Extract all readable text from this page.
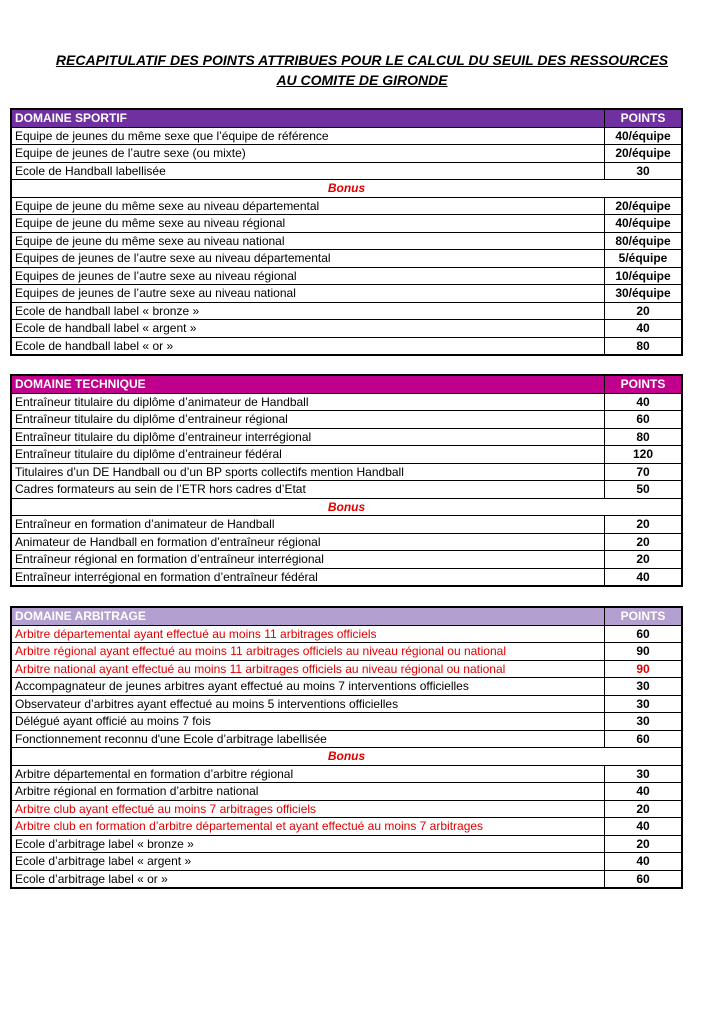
RECAPITULATIF DES POINTS ATTRIBUES POUR LE CALCUL DU SEUIL DES RESSOURCES
AU COMITE DE GIRONDE
DOMAINE SPORTIF	POINTS
Equipe de jeunes du même sexe que l’équipe de référence	40/équipe
Equipe de jeunes de l’autre sexe (ou mixte)	20/équipe
Ecole de Handball labellisée	30
Bonus	
Equipe de jeune du même sexe au niveau départemental	20/équipe
Equipe de jeune du même sexe au niveau régional	40/équipe
Equipe de jeune du même sexe au niveau national	80/équipe
Equipes de jeunes de l’autre sexe au niveau départemental	5/équipe
Equipes de jeunes de l’autre sexe au niveau régional	10/équipe
Equipes de jeunes de l’autre sexe au niveau national	30/équipe
Ecole de handball label « bronze »	20
Ecole de handball label « argent »	40
Ecole de handball label « or »	80
DOMAINE TECHNIQUE	POINTS
Entraîneur titulaire du diplôme d’animateur de Handball	40
Entraîneur titulaire du diplôme d’entraineur régional	60
Entraîneur titulaire du diplôme d’entraineur interrégional	80
Entraîneur titulaire du diplôme d’entraineur fédéral	120
Titulaires d’un DE Handball ou d’un BP sports collectifs mention Handball	70
Cadres formateurs au sein de l’ETR hors cadres d’Etat	50
Bonus	
Entraîneur en formation d’animateur de Handball	20
Animateur de Handball en formation d’entraîneur régional	20
Entraîneur régional en formation d’entraîneur interrégional	20
Entraîneur interrégional en formation d’entraîneur fédéral	40
DOMAINE ARBITRAGE	POINTS
Arbitre départemental ayant effectué au moins 11 arbitrages officiels	60
Arbitre régional ayant effectué au moins 11 arbitrages officiels au niveau régional ou national	90
Arbitre national ayant effectué au moins 11 arbitrages officiels au niveau régional ou national	90
Accompagnateur de jeunes arbitres ayant effectué au moins 7 interventions officielles	30
Observateur d’arbitres ayant effectué au moins 5 interventions officielles	30
Délégué ayant officié au moins 7 fois	30
Fonctionnement reconnu d'une Ecole d’arbitrage labellisée	60
Bonus	
Arbitre départemental en formation d’arbitre régional	30
Arbitre régional en formation d’arbitre national	40
Arbitre club ayant effectué au moins 7 arbitrages officiels	20
Arbitre club en formation d’arbitre départemental et ayant effectué au moins 7 arbitrages	40
Ecole d’arbitrage label « bronze »	20
Ecole d’arbitrage label « argent »	40
Ecole d’arbitrage label « or »	60
